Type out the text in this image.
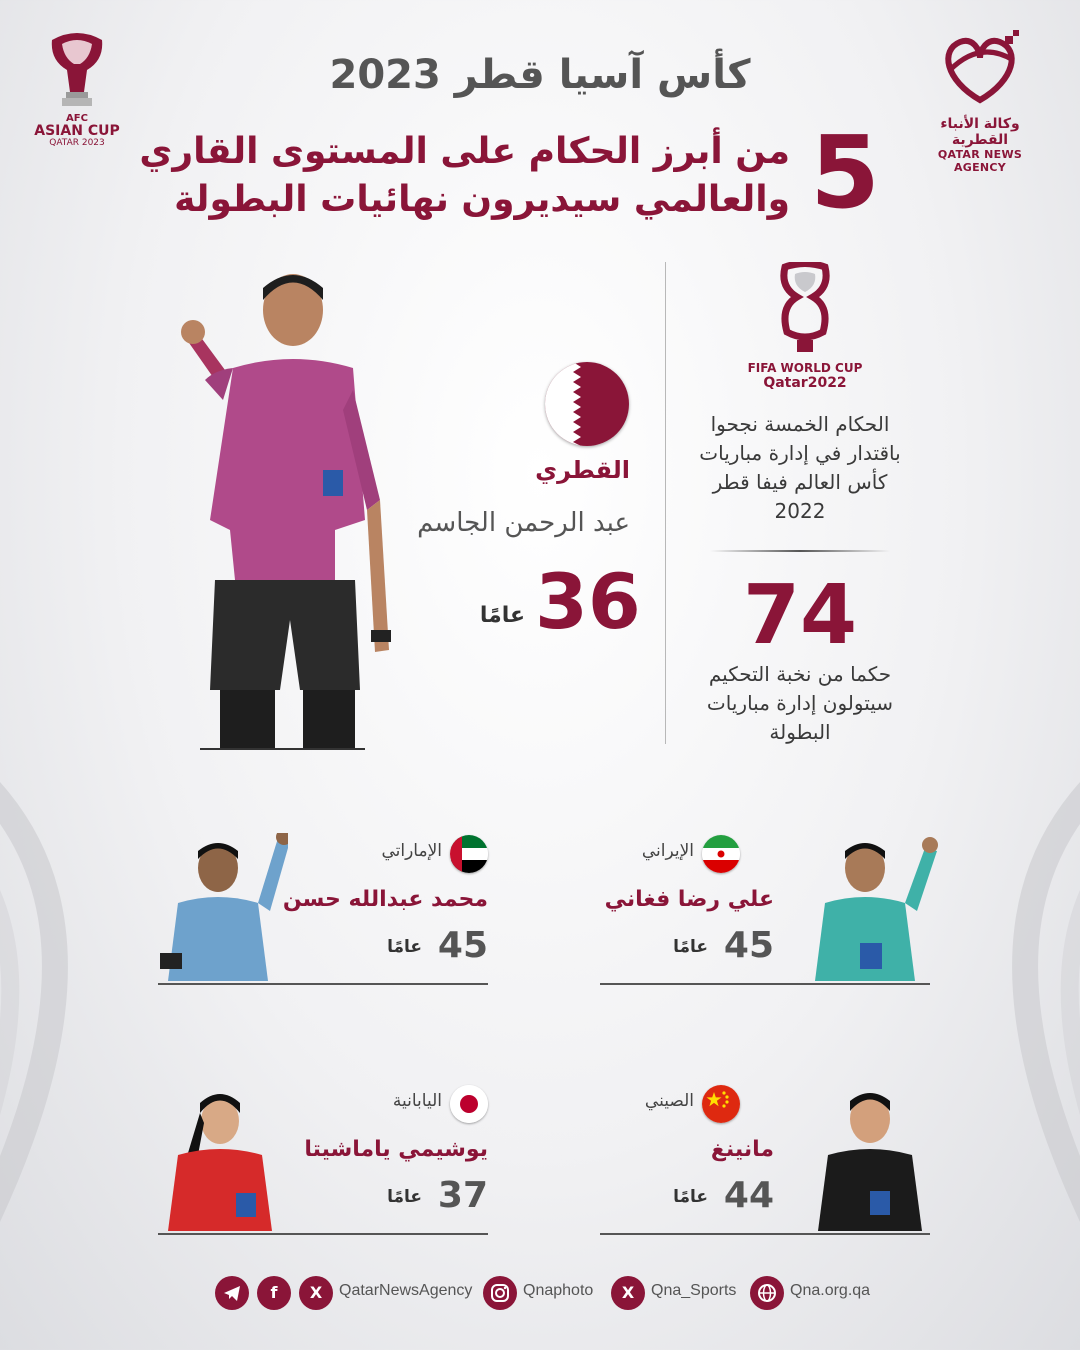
AFC
ASIAN CUP
QATAR 2023
وكالة الأنباء القطرية
QATAR NEWS AGENCY
كأس آسيا قطر 2023
5
من أبرز الحكام على المستوى القاري
والعالمي سيديرون نهائيات البطولة
FIFA WORLD CUP
Qatar2022
الحكام الخمسة نجحوا باقتدار في إدارة مباريات كأس العالم فيفا قطر 2022
74
حكما من نخبة التحكيم سيتولون إدارة مباريات البطولة
القطري
عبد الرحمن الجاسم
36
عامًا
الإماراتي
محمد عبدالله حسن
45
عامًا
الإيراني
علي رضا فغاني
45
عامًا
اليابانية
يوشيمي ياماشيتا
37
عامًا
الصيني
مانينغ
44
عامًا
f	X	QatarNewsAgency	Qnaphoto	X	Qna_Sports	Qna.org.qa
